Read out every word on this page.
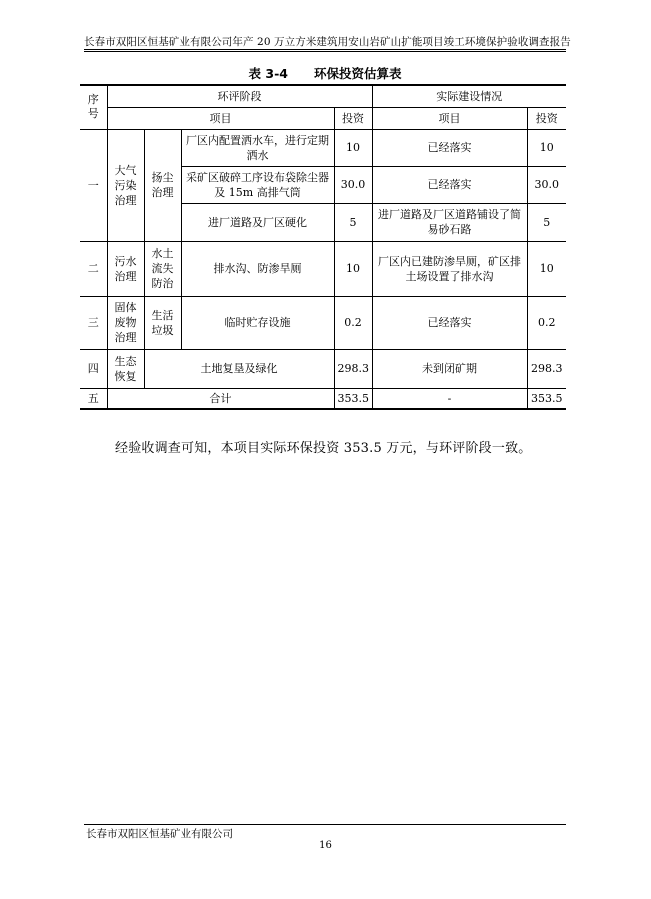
长春市双阳区恒基矿业有限公司年产 20 万立方米建筑用安山岩矿山扩能项目竣工环境保护验收调查报告
表 3-4 环保投资估算表
序号	环评阶段				实际建设情况	
	项目			投资	项目	投资
一	大气污染治理	扬尘治理	厂区内配置洒水车，进行定期洒水	10	已经落实	10
			采矿区破碎工序设布袋除尘器及 15m 高排气筒	30.0	已经落实	30.0
			进厂道路及厂区硬化	5	进厂道路及厂区道路铺设了简易砂石路	5
二	污水治理	水土流失防治	排水沟、防渗旱厕	10	厂区内已建防渗旱厕，矿区排土场设置了排水沟	10
三	固体废物治理	生活垃圾	临时贮存设施	0.2	已经落实	0.2
四	生态恢复	土地复垦及绿化		298.3	未到闭矿期	298.3
五	合计			353.5	-	353.5
经验收调查可知，本项目实际环保投资 353.5 万元，与环评阶段一致。
长春市双阳区恒基矿业有限公司
16
